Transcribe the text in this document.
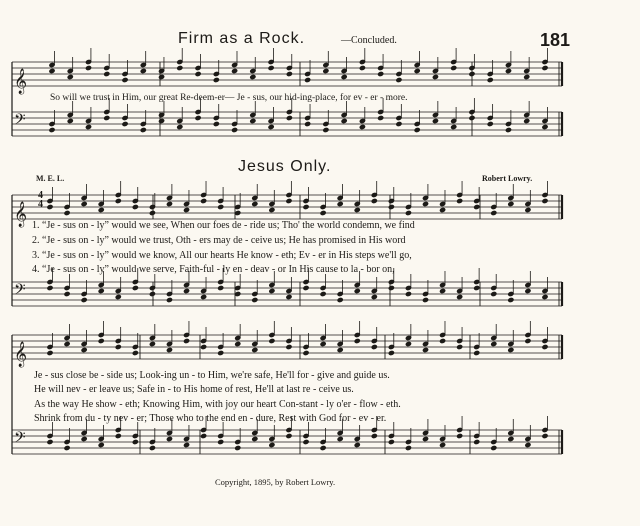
Firm as a Rock.	—Concluded.	181
So will we trust in Him, our great Re-deem-er— Je - sus, our hid-ing-place, for ev - er - more.
Jesus Only.
M. E. L.	Robert Lowry.
4
4
1. “Je - sus on - ly” would we see, When our foes de - ride us; Tho' the world condemn, we find
2. “Je - sus on - ly” would we trust, Oth - ers may de - ceive us; He has promised in His word
3. “Je - sus on - ly” would we know, All our hearts He know - eth; Ev - er in His steps we'll go,
4. “Je - sus on - ly” would we serve, Faith-ful - ly en - deav - or In His cause to la - bor on,
Je - sus close be - side us; Look-ing un - to Him, we're safe, He'll for - give and guide us.
He will nev - er leave us; Safe in - to His home of rest, He'll at last re - ceive us.
As the way He show - eth; Knowing Him, with joy our heart Con-stant - ly o'er - flow - eth.
Shrink from du - ty nev - er; Those who to the end en - dure, Rest with God for - ev - er.
Copyright, 1895, by Robert Lowry.
𝄞
𝄢
𝄞
𝄢
𝄞
𝄢
